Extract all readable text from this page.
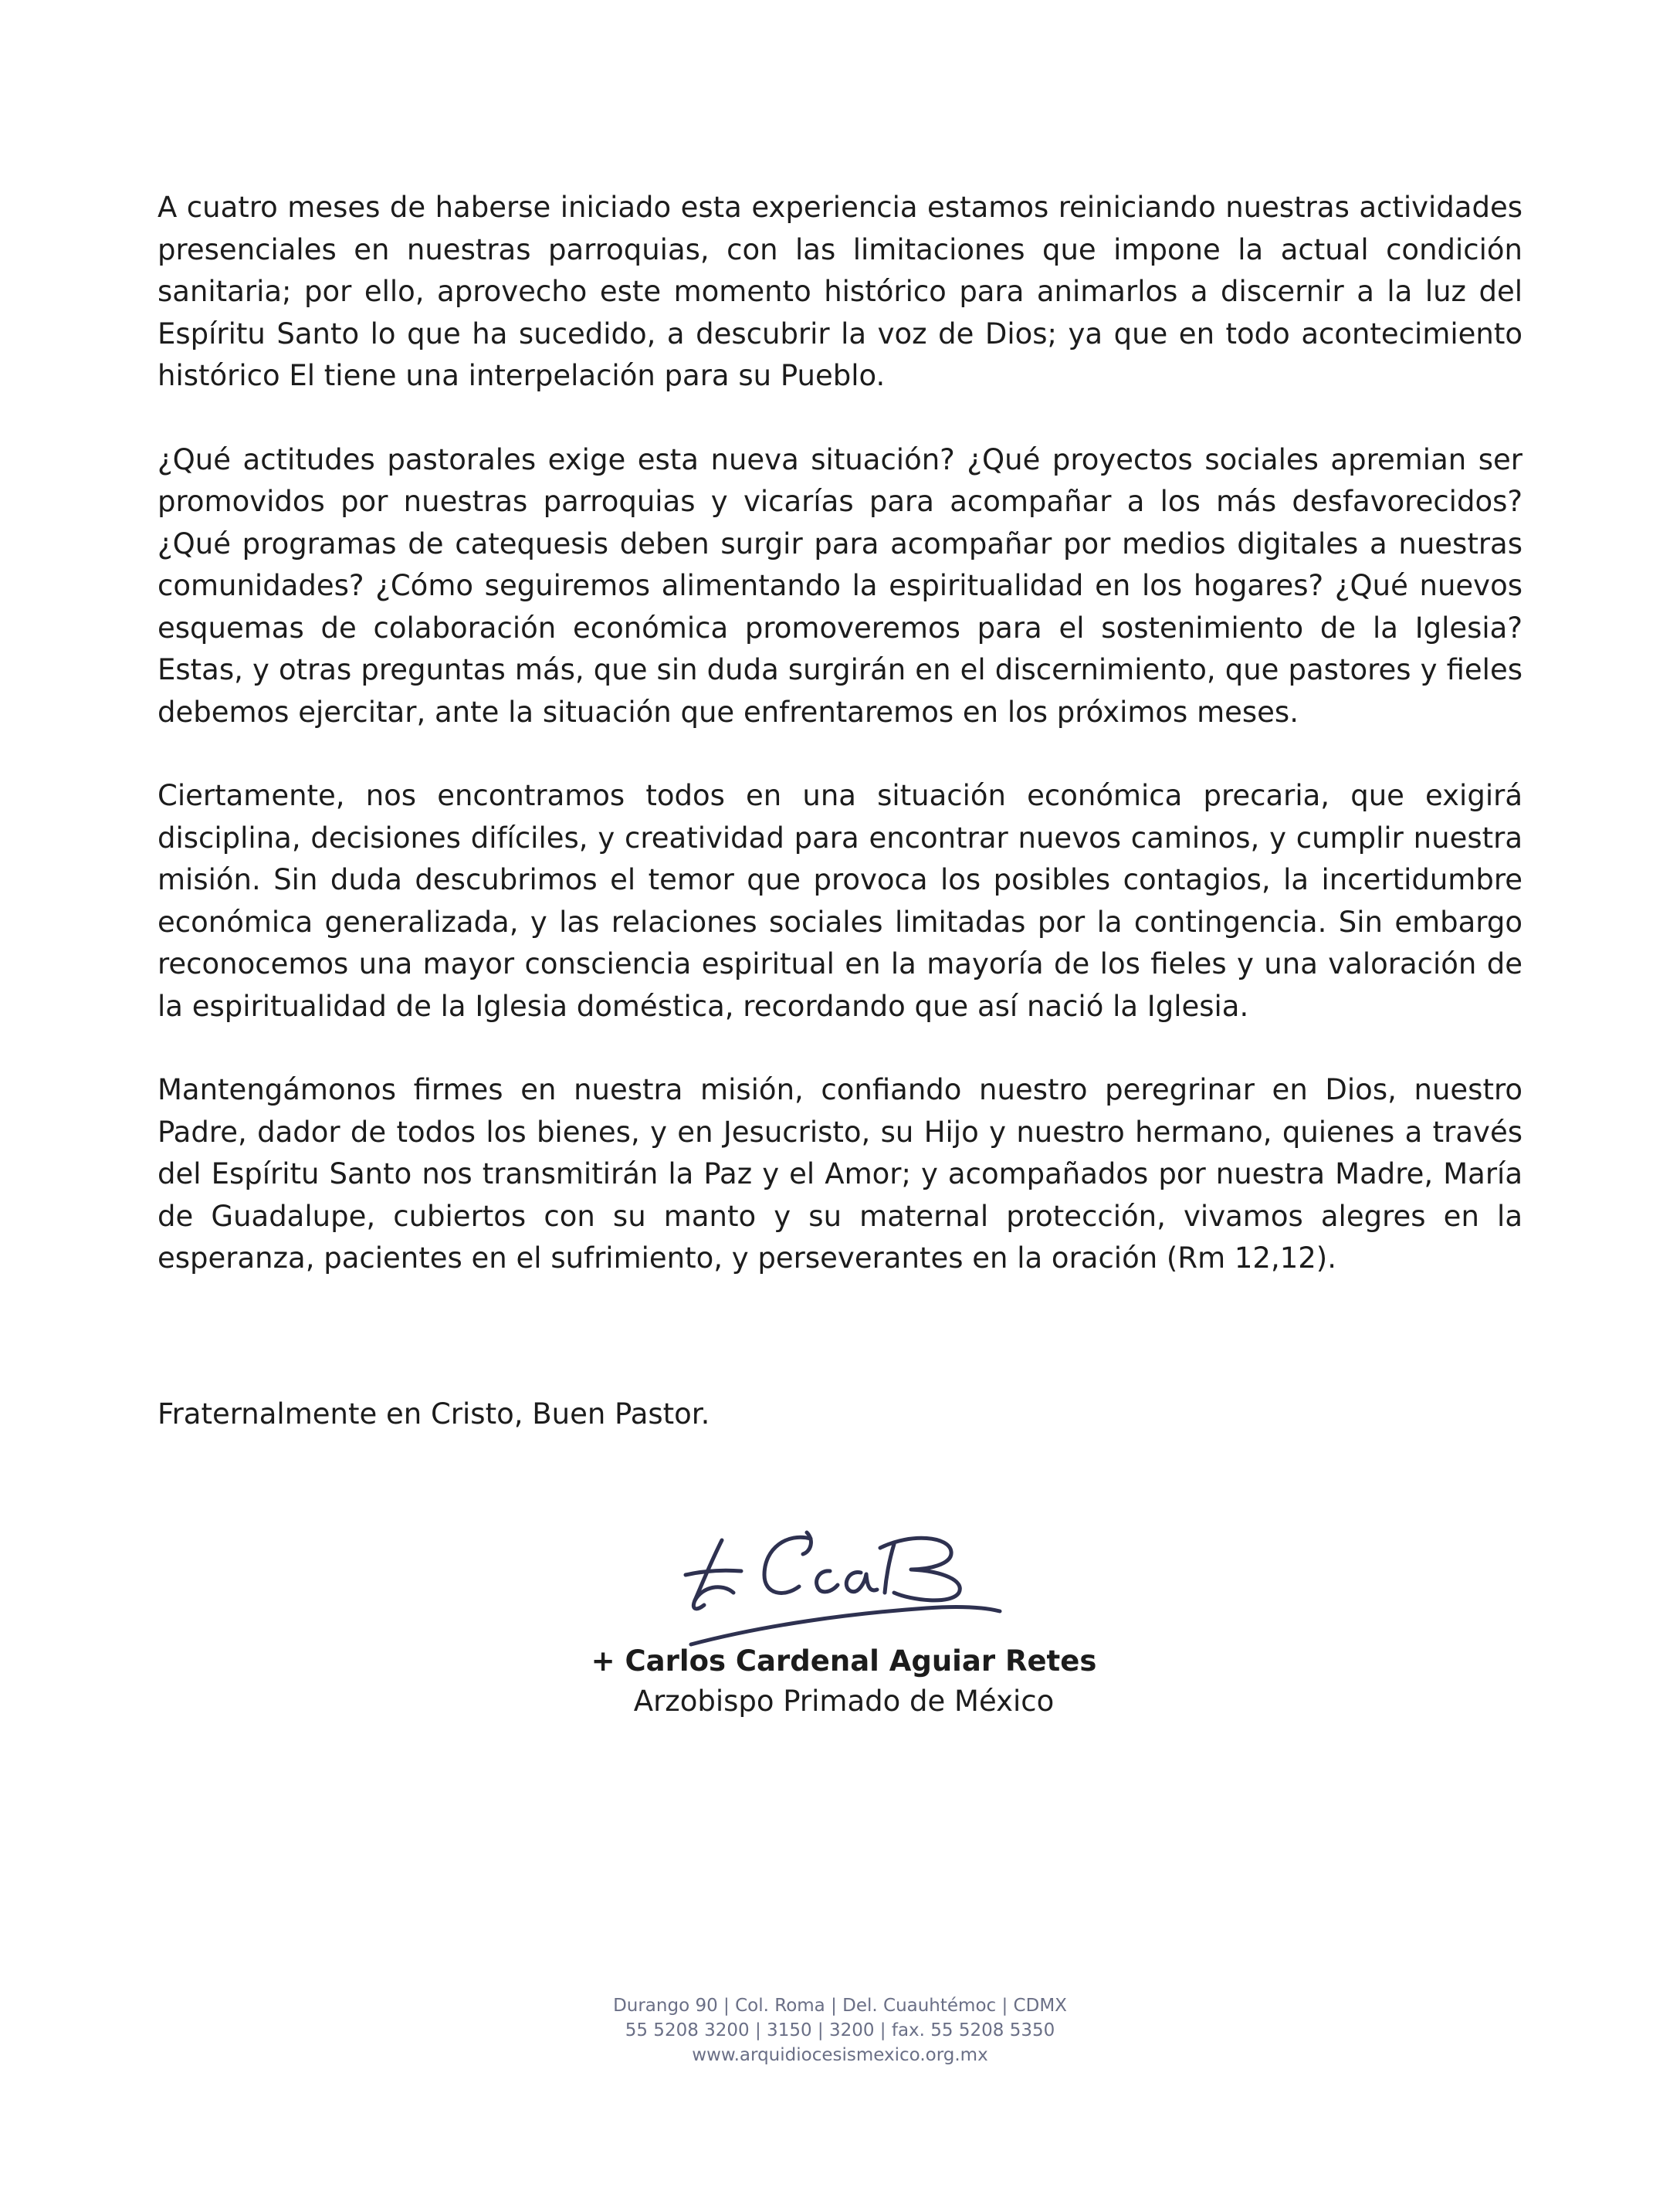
A cuatro meses de haberse iniciado esta experiencia estamos reiniciando nuestras actividades presenciales en nuestras parroquias, con las limitaciones que impone la actual condición sanitaria; por ello, aprovecho este momento histórico para animarlos a discernir a la luz del Espíritu Santo lo que ha sucedido, a descubrir la voz de Dios; ya que en todo acontecimiento histórico El tiene una interpelación para su Pueblo.

¿Qué actitudes pastorales exige esta nueva situación? ¿Qué proyectos sociales apremian ser promovidos por nuestras parroquias y vicarías para acompañar a los más desfavorecidos? ¿Qué programas de catequesis deben surgir para acompañar por medios digitales a nuestras comunidades? ¿Cómo seguiremos alimentando la espiritualidad en los hogares? ¿Qué nuevos esquemas de colaboración económica promoveremos para el sostenimiento de la Iglesia? Estas, y otras preguntas más, que sin duda surgirán en el discernimiento, que pastores y fieles debemos ejercitar, ante la situación que enfrentaremos en los próximos meses.

Ciertamente, nos encontramos todos en una situación económica precaria, que exigirá disciplina, decisiones difíciles, y creatividad para encontrar nuevos caminos, y cumplir nuestra misión. Sin duda descubrimos el temor que provoca los posibles contagios, la incertidumbre económica generalizada, y las relaciones sociales limitadas por la contingencia. Sin embargo reconocemos una mayor consciencia espiritual en la mayoría de los fieles y una valoración de la espiritualidad de la Iglesia doméstica, recordando que así nació la Iglesia.

Mantengámonos firmes en nuestra misión, confiando nuestro peregrinar en Dios, nuestro Padre, dador de todos los bienes, y en Jesucristo, su Hijo y nuestro hermano, quienes a través del Espíritu Santo nos transmitirán la Paz y el Amor; y acompañados por nuestra Madre, María de Guadalupe, cubiertos con su manto y su maternal protección, vivamos alegres en la esperanza, pacientes en el sufrimiento, y perseverantes en la oración (Rm 12,12).

Fraternalmente en Cristo, Buen Pastor.

+ Carlos Cardenal Aguiar Retes

Arzobispo Primado de México

Durango 90 | Col. Roma | Del. Cuauhtémoc | CDMX
55 5208 3200 | 3150 | 3200 | fax. 55 5208 5350
www.arquidiocesismexico.org.mx
